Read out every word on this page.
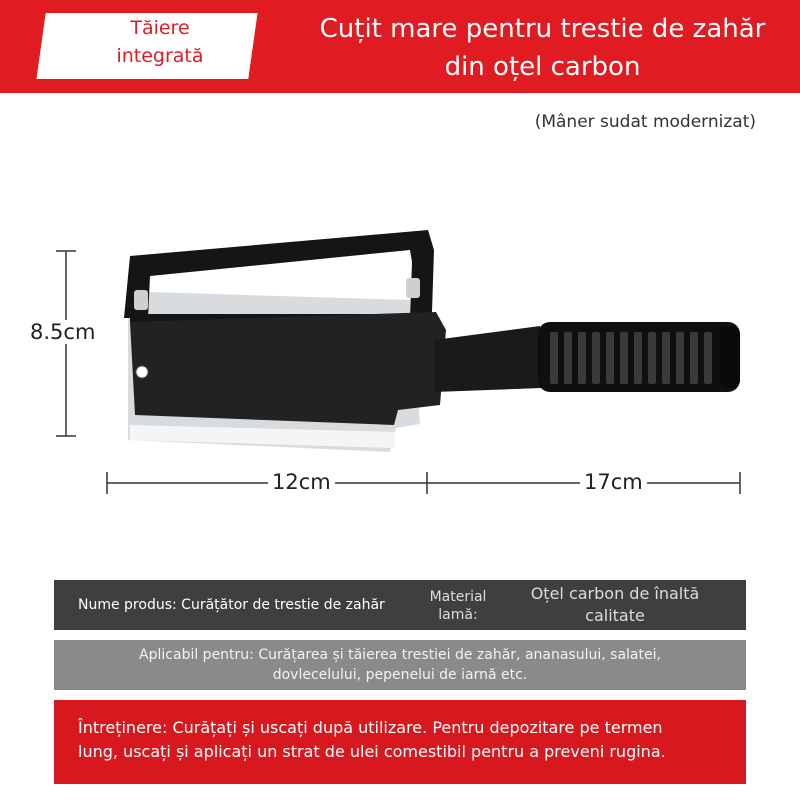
Tăiere
integrată
Cuțit mare pentru trestie de zahăr
din oțel carbon
(Mâner sudat modernizat)
8.5cm
12cm	17cm
Nume produs: Curățător de trestie de zahăr	Material
lamă:
Oțel carbon de înaltă
calitate
Aplicabil pentru: Curățarea și tăierea trestiei de zahăr, ananasului, salatei,
dovlecelului, pepenelui de iarnă etc.
Întreținere: Curățați și uscați după utilizare. Pentru depozitare pe termen
lung, uscați și aplicați un strat de ulei comestibil pentru a preveni rugina.
